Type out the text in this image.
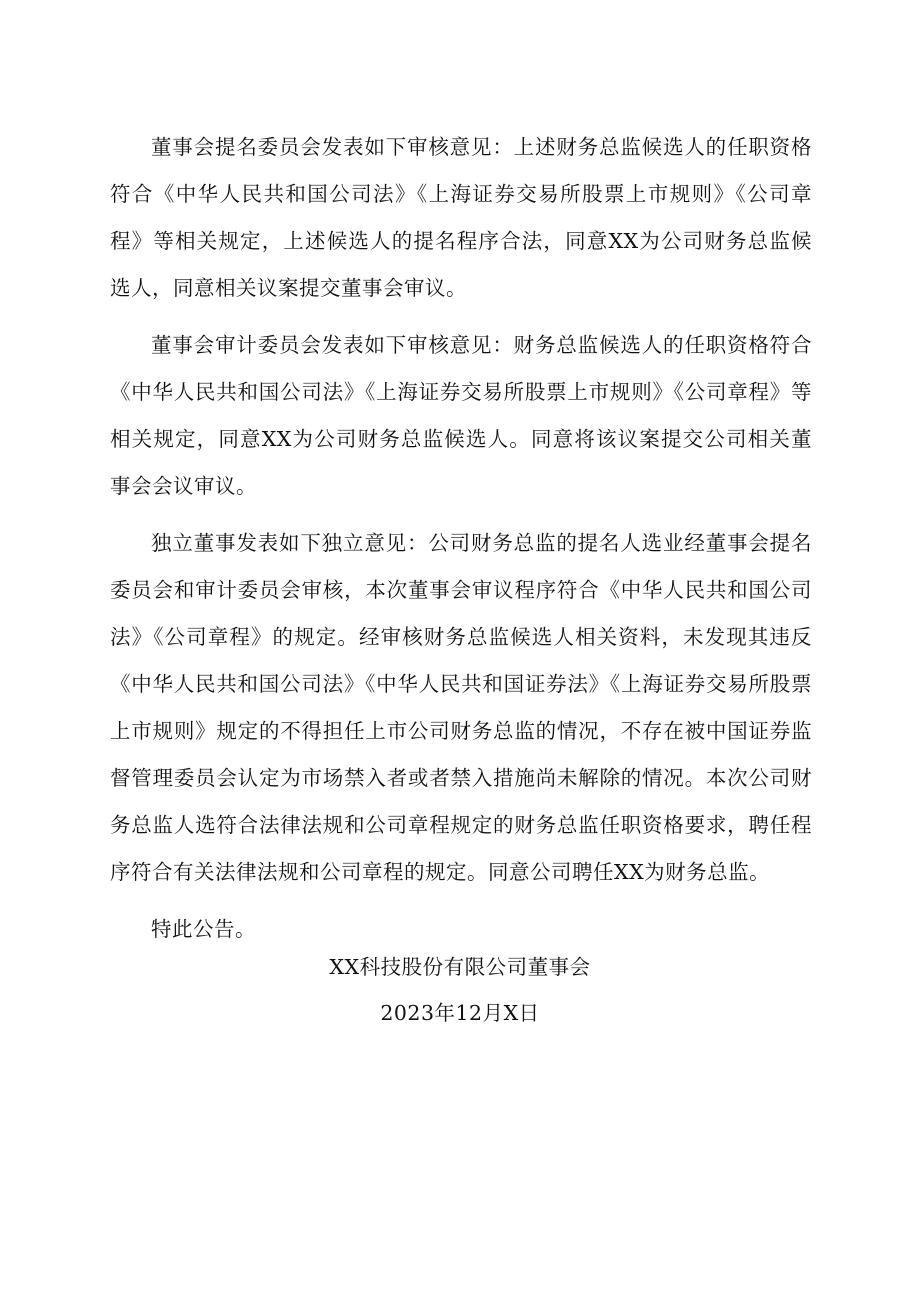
董事会提名委员会发表如下审核意见：上述财务总监候选人的任职资格符合《中华人民共和国公司法》《上海证券交易所股票上市规则》《公司章程》等相关规定，上述候选人的提名程序合法，同意XX为公司财务总监候选人，同意相关议案提交董事会审议。

董事会审计委员会发表如下审核意见：财务总监候选人的任职资格符合《中华人民共和国公司法》《上海证券交易所股票上市规则》《公司章程》等相关规定，同意XX为公司财务总监候选人。同意将该议案提交公司相关董事会会议审议。

独立董事发表如下独立意见：公司财务总监的提名人选业经董事会提名委员会和审计委员会审核，本次董事会审议程序符合《中华人民共和国公司法》《公司章程》的规定。经审核财务总监候选人相关资料，未发现其违反《中华人民共和国公司法》《中华人民共和国证券法》《上海证券交易所股票上市规则》规定的不得担任上市公司财务总监的情况，不存在被中国证券监督管理委员会认定为市场禁入者或者禁入措施尚未解除的情况。本次公司财务总监人选符合法律法规和公司章程规定的财务总监任职资格要求，聘任程序符合有关法律法规和公司章程的规定。同意公司聘任XX为财务总监。

特此公告。

XX科技股份有限公司董事会
2023年12月X日
